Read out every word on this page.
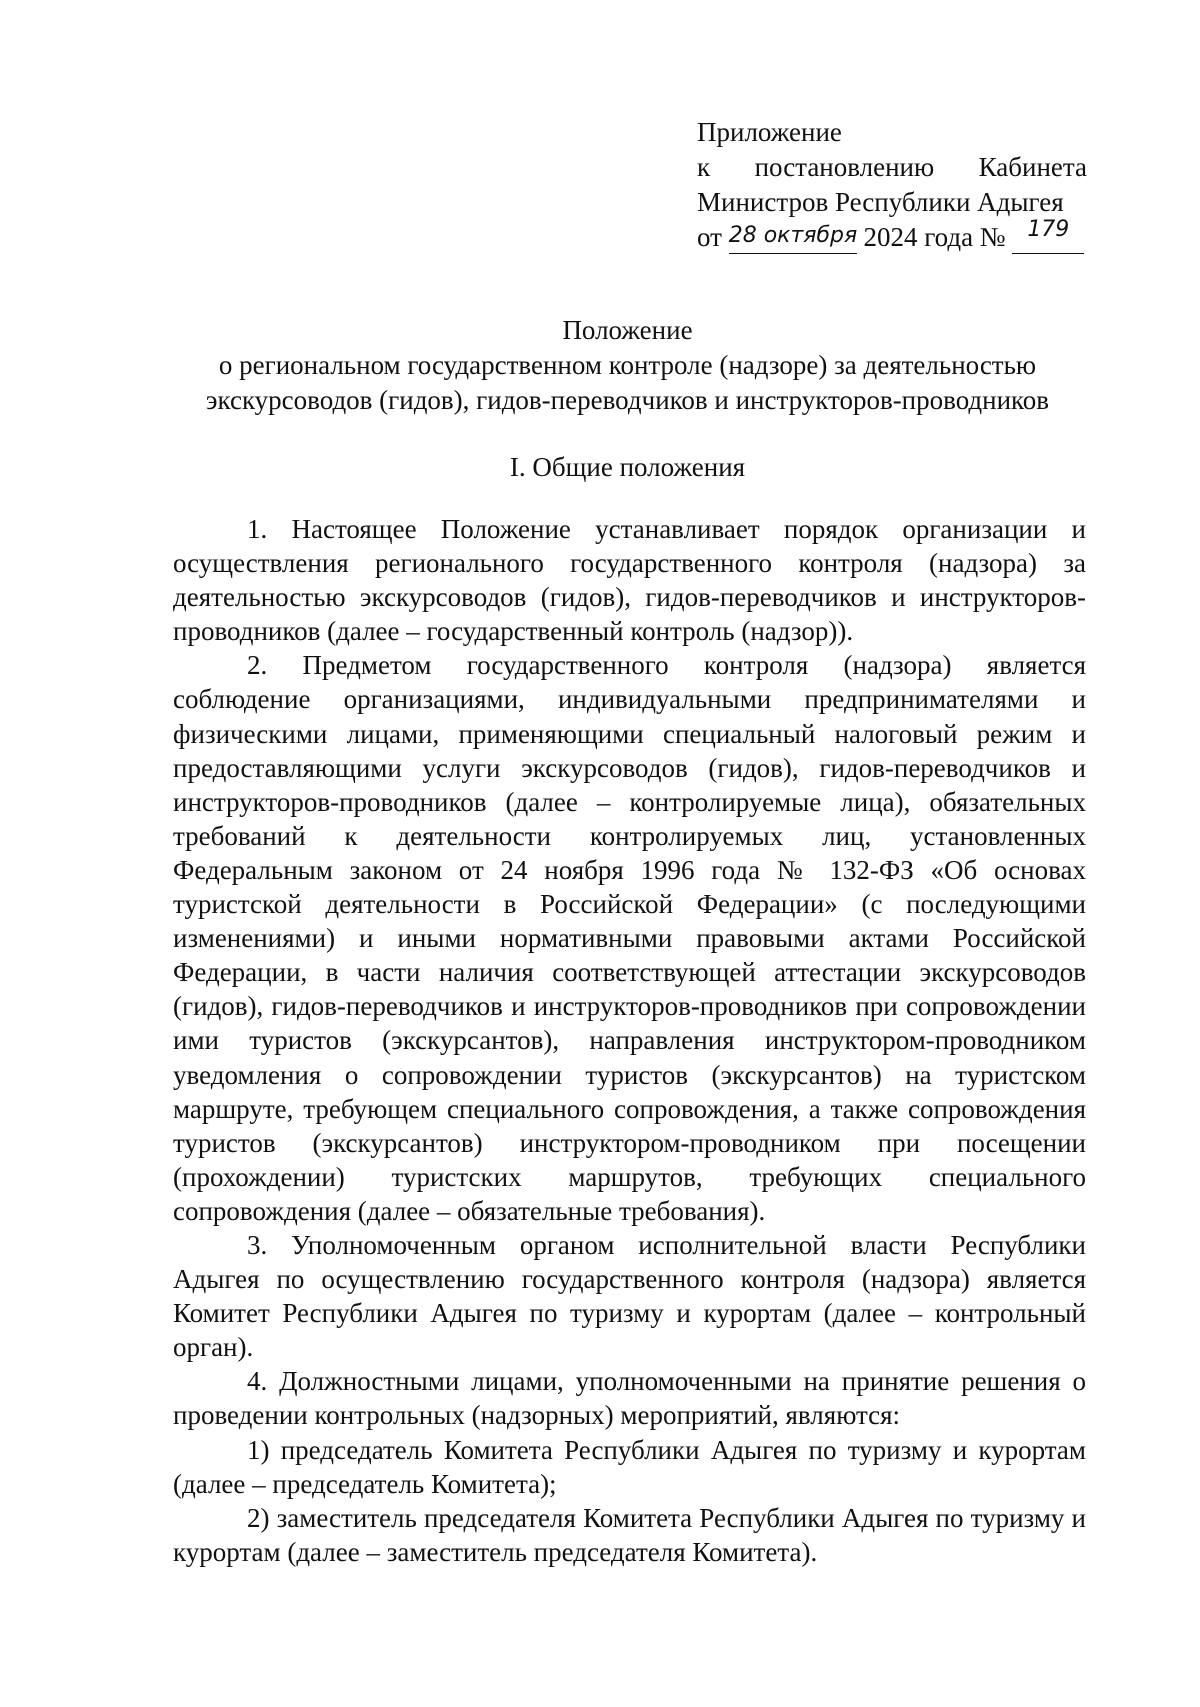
Приложение
к постановлению Кабинета
Министров Республики Адыгея
от 28 октября 2024 года № $^{179}$
Положение
о региональном государственном контроле (надзоре) за деятельностью
экскурсоводов (гидов), гидов-переводчиков и инструкторов-проводников
I. Общие положения

1. Настоящее Положение устанавливает порядок организации и осуществления регионального государственного контроля (надзора) за деятельностью экскурсоводов (гидов), гидов-переводчиков и инструкторов-проводников (далее – государственный контроль (надзор)).

2. Предметом государственного контроля (надзора) является соблюдение организациями, индивидуальными предпринимателями и физическими лицами, применяющими специальный налоговый режим и предоставляющими услуги экскурсоводов (гидов), гидов-переводчиков и инструкторов-проводников (далее – контролируемые лица), обязательных требований к деятельности контролируемых лиц, установленных Федеральным законом от 24 ноября 1996 года № 132-ФЗ «Об основах туристской деятельности в Российской Федерации» (с последующими изменениями) и иными нормативными правовыми актами Российской Федерации, в части наличия соответствующей аттестации экскурсоводов (гидов), гидов-переводчиков и инструкторов-проводников при сопровождении ими туристов (экскурсантов), направления инструктором-проводником уведомления о сопровождении туристов (экскурсантов) на туристском маршруте, требующем специального сопровождения, а также сопровождения туристов (экскурсантов) инструктором-проводником при посещении (прохождении) туристских маршрутов, требующих специального сопровождения (далее – обязательные требования).

3. Уполномоченным органом исполнительной власти Республики Адыгея по осуществлению государственного контроля (надзора) является Комитет Республики Адыгея по туризму и курортам (далее – контрольный орган).

4. Должностными лицами, уполномоченными на принятие решения о проведении контрольных (надзорных) мероприятий, являются:

1) председатель Комитета Республики Адыгея по туризму и курортам (далее – председатель Комитета);

2) заместитель председателя Комитета Республики Адыгея по туризму и курортам (далее – заместитель председателя Комитета).
